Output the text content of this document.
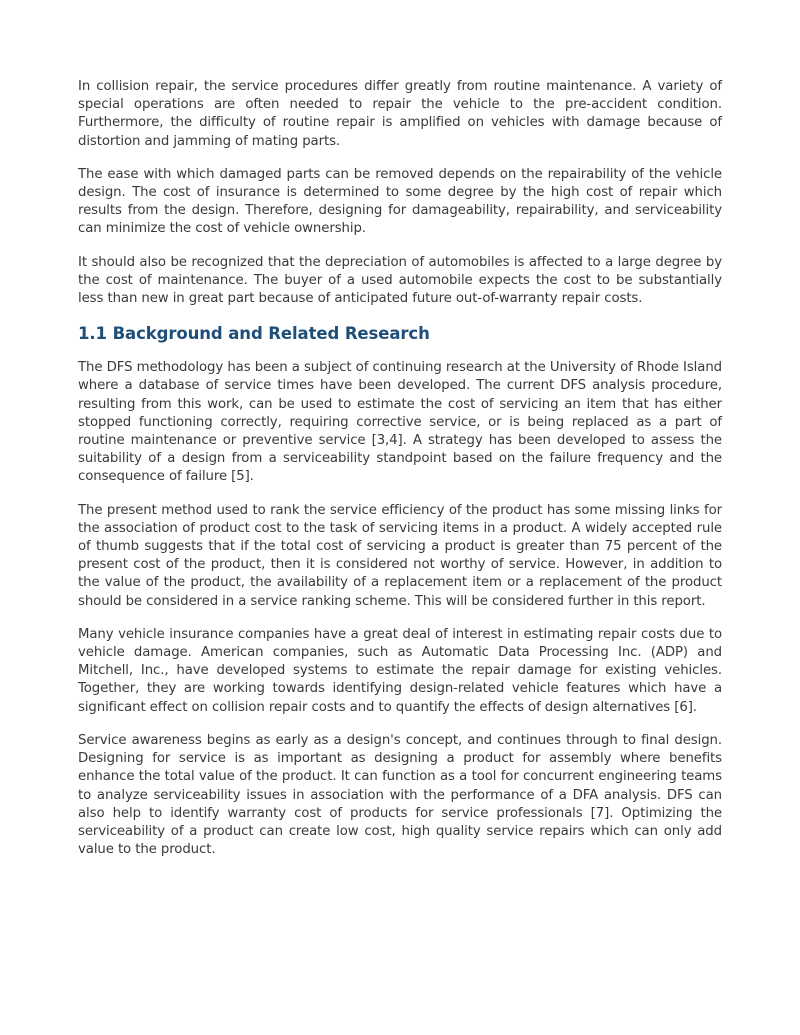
In collision repair, the service procedures differ greatly from routine maintenance. A variety of special operations are often needed to repair the vehicle to the pre-accident condition. Furthermore, the difficulty of routine repair is amplified on vehicles with damage because of distortion and jamming of mating parts.

The ease with which damaged parts can be removed depends on the repairability of the vehicle design. The cost of insurance is determined to some degree by the high cost of repair which results from the design. Therefore, designing for damageability, repairability, and serviceability can minimize the cost of vehicle ownership.

It should also be recognized that the depreciation of automobiles is affected to a large degree by the cost of maintenance. The buyer of a used automobile expects the cost to be substantially less than new in great part because of anticipated future out-of-warranty repair costs.

1.1 Background and Related Research

The DFS methodology has been a subject of continuing research at the University of Rhode Island where a database of service times have been developed. The current DFS analysis procedure, resulting from this work, can be used to estimate the cost of servicing an item that has either stopped functioning correctly, requiring corrective service, or is being replaced as a part of routine maintenance or preventive service [3,4]. A strategy has been developed to assess the suitability of a design from a serviceability standpoint based on the failure frequency and the consequence of failure [5].

The present method used to rank the service efficiency of the product has some missing links for the association of product cost to the task of servicing items in a product. A widely accepted rule of thumb suggests that if the total cost of servicing a product is greater than 75 percent of the present cost of the product, then it is considered not worthy of service. However, in addition to the value of the product, the availability of a replacement item or a replacement of the product should be considered in a service ranking scheme. This will be considered further in this report.

Many vehicle insurance companies have a great deal of interest in estimating repair costs due to vehicle damage. American companies, such as Automatic Data Processing Inc. (ADP) and Mitchell, Inc., have developed systems to estimate the repair damage for existing vehicles. Together, they are working towards identifying design-related vehicle features which have a significant effect on collision repair costs and to quantify the effects of design alternatives [6].

Service awareness begins as early as a design's concept, and continues through to final design. Designing for service is as important as designing a product for assembly where benefits enhance the total value of the product. It can function as a tool for concurrent engineering teams to analyze serviceability issues in association with the performance of a DFA analysis. DFS can also help to identify warranty cost of products for service professionals [7]. Optimizing the serviceability of a product can create low cost, high quality service repairs which can only add value to the product.
